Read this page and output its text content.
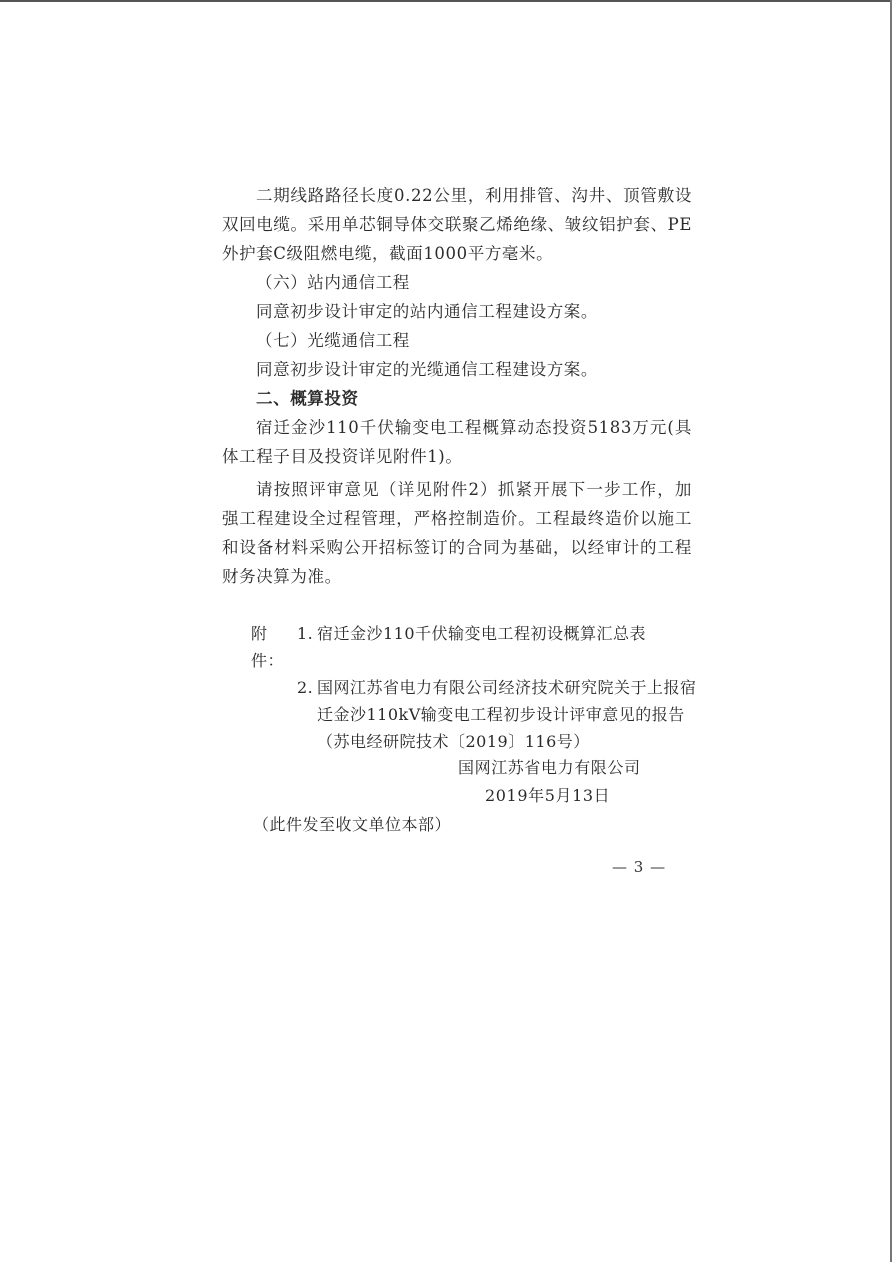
二期线路路径长度0.22公里，利用排管、沟井、顶管敷设双回电缆。采用单芯铜导体交联聚乙烯绝缘、皱纹铝护套、PE外护套C级阻燃电缆，截面1000平方毫米。

（六）站内通信工程

同意初步设计审定的站内通信工程建设方案。

（七）光缆通信工程

同意初步设计审定的光缆通信工程建设方案。

二、概算投资

宿迁金沙110千伏输变电工程概算动态投资5183万元(具体工程子目及投资详见附件1)。

请按照评审意见（详见附件2）抓紧开展下一步工作，加强工程建设全过程管理，严格控制造价。工程最终造价以施工和设备材料采购公开招标签订的合同为基础，以经审计的工程财务决算为准。

附件：
1. 宿迁金沙110千伏输变电工程初设概算汇总表
2. 国网江苏省电力有限公司经济技术研究院关于上报宿迁金沙110kV输变电工程初步设计评审意见的报告（苏电经研院技术〔2019〕116号）
国网江苏省电力有限公司
2019年5月13日
（此件发至收文单位本部）
— 3 —
